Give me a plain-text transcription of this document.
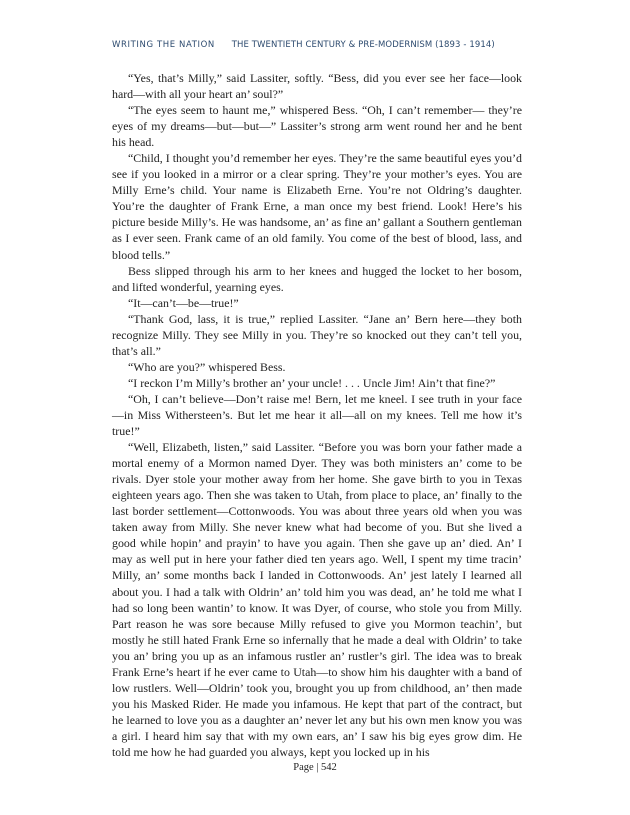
WRITING THE NATION THE TWENTIETH CENTURY & PRE-MODERNISM (1893 - 1914)

“Yes, that’s Milly,” said Lassiter, softly. “Bess, did you ever see her face—look hard—with all your heart an’ soul?”

“The eyes seem to haunt me,” whispered Bess. “Oh, I can’t remember— they’re eyes of my dreams—but—but—” Lassiter’s strong arm went round her and he bent his head.

“Child, I thought you’d remember her eyes. They’re the same beautiful eyes you’d see if you looked in a mirror or a clear spring. They’re your mother’s eyes. You are Milly Erne’s child. Your name is Elizabeth Erne. You’re not Oldring’s daughter. You’re the daughter of Frank Erne, a man once my best friend. Look! Here’s his picture beside Milly’s. He was handsome, an’ as fine an’ gallant a Southern gentleman as I ever seen. Frank came of an old family. You come of the best of blood, lass, and blood tells.”

Bess slipped through his arm to her knees and hugged the locket to her bosom, and lifted wonderful, yearning eyes.

“It—can’t—be—true!”

“Thank God, lass, it is true,” replied Lassiter. “Jane an’ Bern here—they both recognize Milly. They see Milly in you. They’re so knocked out they can’t tell you, that’s all.”

“Who are you?” whispered Bess.

“I reckon I’m Milly’s brother an’ your uncle! . . . Uncle Jim! Ain’t that fine?”

“Oh, I can’t believe—Don’t raise me! Bern, let me kneel. I see truth in your face—in Miss Withersteen’s. But let me hear it all—all on my knees. Tell me how it’s true!”

“Well, Elizabeth, listen,” said Lassiter. “Before you was born your father made a mortal enemy of a Mormon named Dyer. They was both ministers an’ come to be rivals. Dyer stole your mother away from her home. She gave birth to you in Texas eighteen years ago. Then she was taken to Utah, from place to place, an’ finally to the last border settlement—Cottonwoods. You was about three years old when you was taken away from Milly. She never knew what had become of you. But she lived a good while hopin’ and prayin’ to have you again. Then she gave up an’ died. An’ I may as well put in here your father died ten years ago. Well, I spent my time tracin’ Milly, an’ some months back I landed in Cottonwoods. An’ jest lately I learned all about you. I had a talk with Oldrin’ an’ told him you was dead, an’ he told me what I had so long been wantin’ to know. It was Dyer, of course, who stole you from Milly. Part reason he was sore because Milly refused to give you Mormon teachin’, but mostly he still hated Frank Erne so infernally that he made a deal with Oldrin’ to take you an’ bring you up as an infamous rustler an’ rustler’s girl. The idea was to break Frank Erne’s heart if he ever came to Utah—to show him his daughter with a band of low rustlers. Well—Oldrin’ took you, brought you up from childhood, an’ then made you his Masked Rider. He made you infamous. He kept that part of the contract, but he learned to love you as a daughter an’ never let any but his own men know you was a girl. I heard him say that with my own ears, an’ I saw his big eyes grow dim. He told me how he had guarded you always, kept you locked up in his

Page | 542
